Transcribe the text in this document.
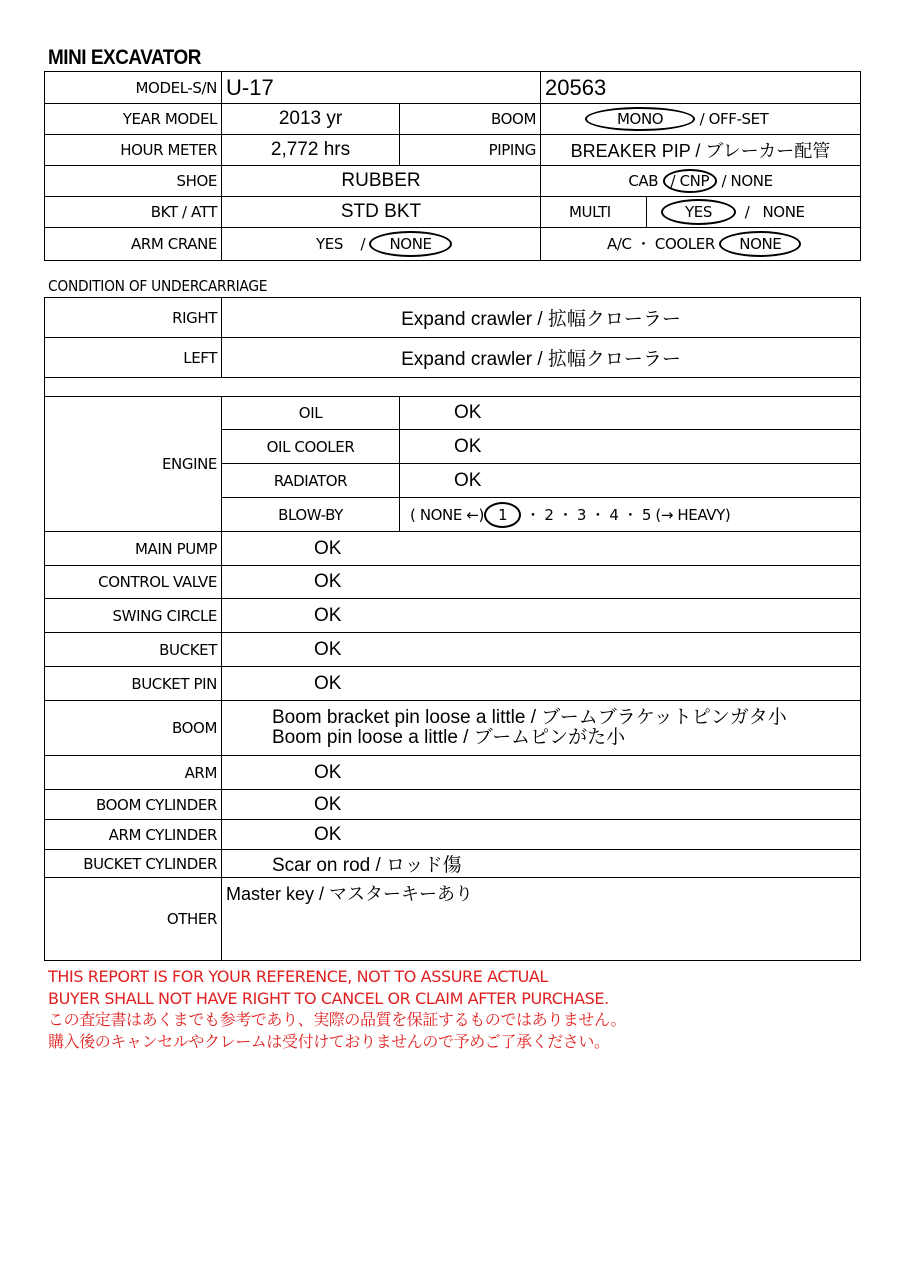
MINI EXCAVATOR
MODEL-S/N	U-17		20563	
YEAR MODEL	2013 yr	BOOM	MONO / OFF-SET	
HOUR METER	2,772 hrs	PIPING	BREAKER PIP / ブレーカー配管	
SHOE	RUBBER		CAB / CNP / NONE	
BKT / ATT	STD BKT		MULTI	YES / NONE
ARM CRANE	YES / NONE		A/C ・ COOLER NONE	
CONDITION OF UNDERCARRIAGE
RIGHT	Expand crawler / 拡幅クローラー	
LEFT	Expand crawler / 拡幅クローラー	

ENGINE	OIL	OK
	OIL COOLER	OK
	RADIATOR	OK
	BLOW-BY	( NONE ←) 1 ・ 2 ・ 3 ・ 4 ・ 5 (→ HEAVY)
MAIN PUMP	OK	
CONTROL VALVE	OK	
SWING CIRCLE	OK	
BUCKET	OK	
BUCKET PIN	OK	
BOOM	Boom bracket pin loose a little / ブームブラケットピンガタ小
Boom pin loose a little / ブームピンがた小	

ARM	OK	
BOOM CYLINDER	OK	
ARM CYLINDER	OK	
BUCKET CYLINDER	Scar on rod / ロッド傷	
OTHER	Master key / マスターキーあり	
THIS REPORT IS FOR YOUR REFERENCE, NOT TO ASSURE ACTUAL
BUYER SHALL NOT HAVE RIGHT TO CANCEL OR CLAIM AFTER PURCHASE.
この査定書はあくまでも参考であり、実際の品質を保証するものではありません。
購入後のキャンセルやクレームは受付けておりませんので予めご了承ください。
